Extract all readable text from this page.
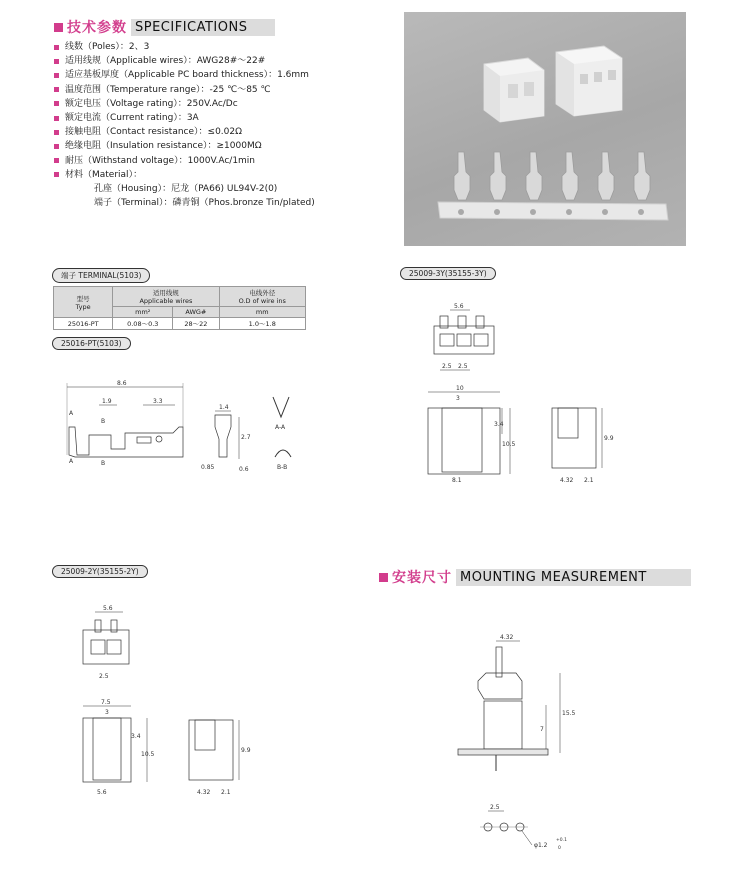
技术参数 SPECIFICATIONS
线数（Poles）：2、3
适用线规（Applicable wires）：AWG28#～22#
适应基板厚度（Applicable PC board thickness）：1.6mm
温度范围（Temperature range）：-25 ℃～85 ℃
额定电压（Voltage rating）：250V.Ac/Dc
额定电流（Current rating）：3A
接触电阻（Contact resistance）：≤0.02Ω
绝缘电阻（Insulation resistance）：≥1000MΩ
耐压（Withstand voltage）：1000V.Ac/1min
材料（Material）：
孔座（Housing）：尼龙（PA66) UL94V-2(0)
端子（Terminal）：磷青铜（Phos.bronze Tin/plated)
端子 TERMINAL(5103)	25009-3Y(35155-3Y)
25016-PT(5103)
25009-2Y(35155-2Y)
型号
Type	适用线规
Applicable wires		电线外径
O.D of wire ins
	mm²	AWG#	mm
25016-PT	0.08～0.3	28～22	1.0～1.8
8.6
1.9	3.3
A
A
B
B
1.4
2.7
0.85	0.6
A-A
B-B
5.6
2.5 2.5
10
3
3.4
10.5
8.1
9.9
4.32 2.1
安装尺寸 MOUNTING MEASUREMENT
5.6
2.5
7.5
3
3.4
10.5
5.6
9.9
4.32 2.1
4.32
15.5
7
2.5
φ1.2
+0.1
0
